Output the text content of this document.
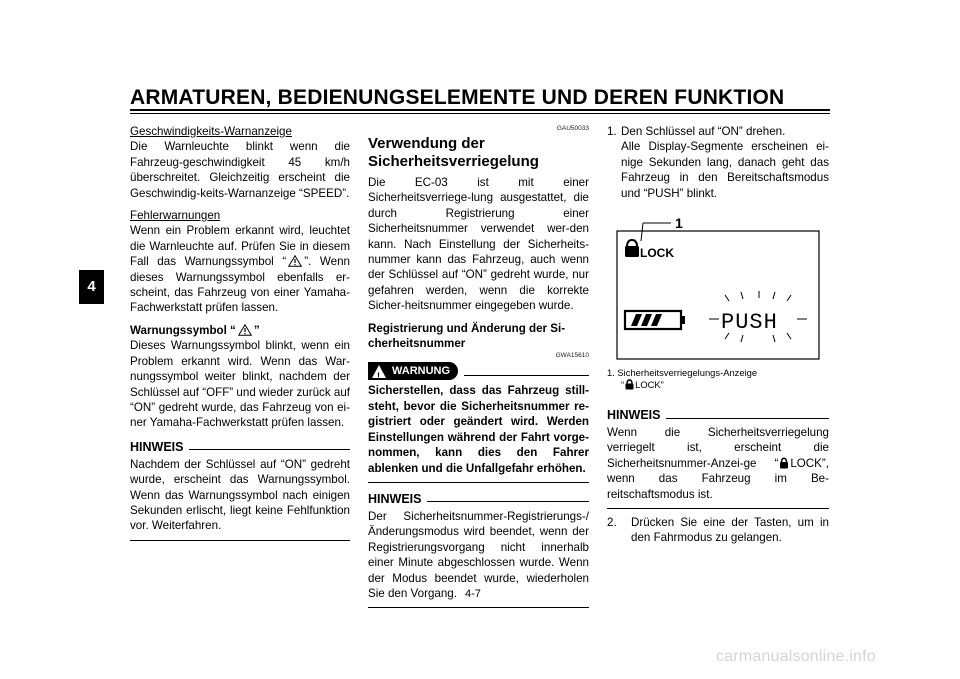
ARMATUREN, BEDIENUNGSELEMENTE UND DEREN FUNKTION
4

Geschwindigkeits-Warnanzeige

Die Warnleuchte blinkt wenn die Fahrzeug-geschwindigkeit 45 km/h überschreitet. Gleichzeitig erscheint die Geschwindig-keits-Warnanzeige “SPEED”.

Fehlerwarnungen

Wenn ein Problem erkannt wird, leuchtet die Warnleuchte auf. Prüfen Sie in diesem Fall das Warnungssymbol “ ”. Wenn dieses Warnungssymbol ebenfalls er-scheint, das Fahrzeug von einer Yamaha-Fachwerkstatt prüfen lassen.

Warnungssymbol “ ”

Dieses Warnungssymbol blinkt, wenn ein Problem erkannt wird. Wenn das War-nungssymbol weiter blinkt, nachdem der Schlüssel auf “OFF” und wieder zurück auf “ON” gedreht wurde, das Fahrzeug von ei-ner Yamaha-Fachwerkstatt prüfen lassen.

HINWEIS

Nachdem der Schlüssel auf “ON” gedreht wurde, erscheint das Warnungssymbol. Wenn das Warnungssymbol nach einigen Sekunden erlischt, liegt keine Fehlfunktion vor. Weiterfahren.

GAU50033
Verwendung der Sicherheitsverriegelung

Die EC-03 ist mit einer Sicherheitsverriege-lung ausgestattet, die durch Registrierung einer Sicherheitsnummer verwendet wer-den kann. Nach Einstellung der Sicherheits-nummer kann das Fahrzeug, auch wenn der Schlüssel auf “ON” gedreht wurde, nur gefahren werden, wenn die korrekte Sicher-heitsnummer eingegeben wurde.

Registrierung und Änderung der Si-cherheitsnummer
GWA15610
! WARNUNG

Sicherstellen, dass das Fahrzeug still-steht, bevor die Sicherheitsnummer re-gistriert oder geändert wird. Werden Einstellungen während der Fahrt vorge-nommen, kann dies den Fahrer ablenken und die Unfallgefahr erhöhen.

HINWEIS

Der Sicherheitsnummer-Registrierungs-/ Änderungsmodus wird beendet, wenn der Registrierungsvorgang nicht innerhalb einer Minute abgeschlossen wurde. Wenn der Modus beendet wurde, wiederholen Sie den Vorgang.

1. Den Schlüssel auf “ON” drehen.

Alle Display-Segmente erscheinen ei-nige Sekunden lang, danach geht das Fahrzeug in den Bereitschaftsmodus und “PUSH” blinkt.

1
LOCK
PUSH
1. Sicherheitsverriegelungs-Anzeige
“ LOCK”
HINWEIS

Wenn die Sicherheitsverriegelung verriegelt ist, erscheint die Sicherheitsnummer-Anzei-ge “ LOCK”, wenn das Fahrzeug im Be-reitschaftsmodus ist.

2.	Drücken Sie eine der Tasten, um in den Fahrmodus zu gelangen.

4-7
carmanualsonline.info
